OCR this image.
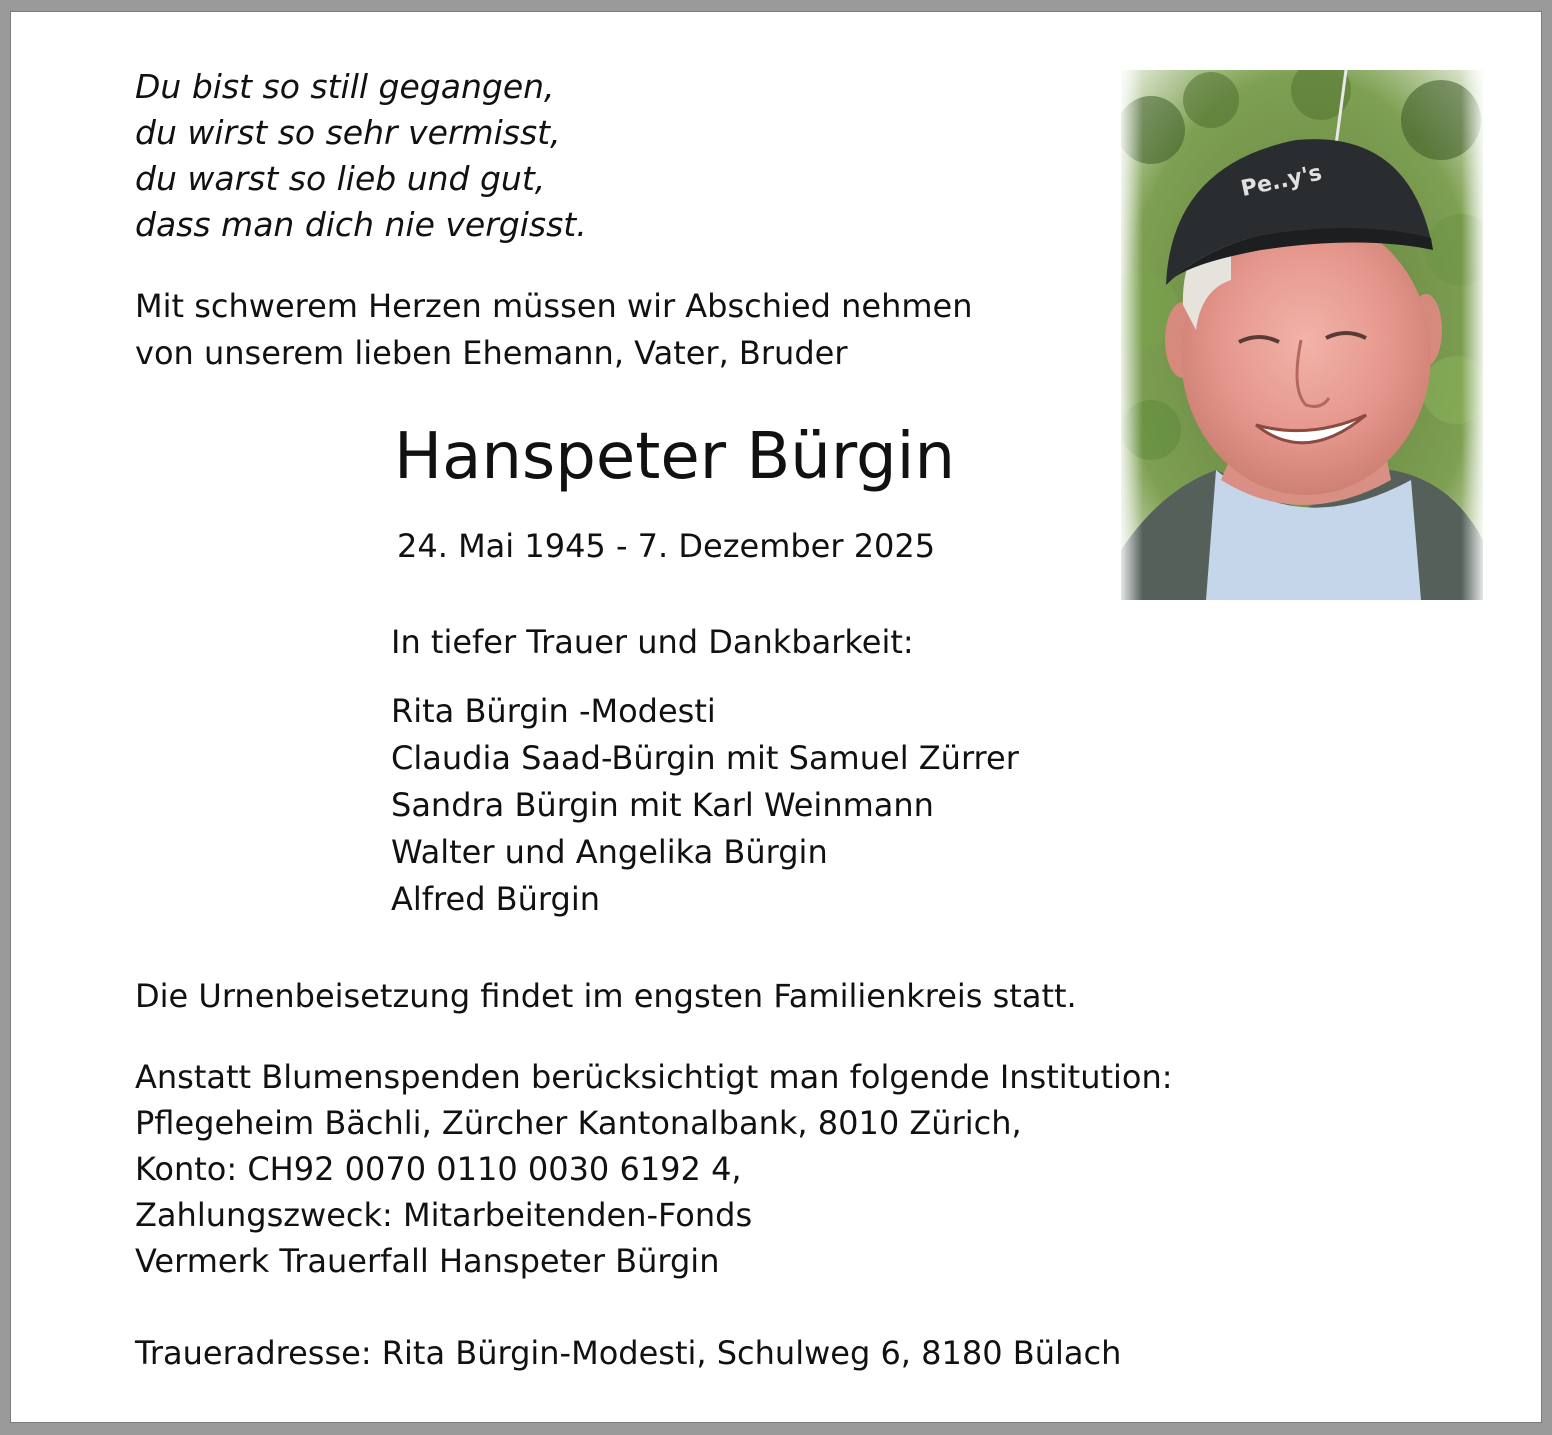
Du bist so still gegangen,
du wirst so sehr vermisst,
du warst so lieb und gut,
dass man dich nie vergisst.
Mit schwerem Herzen müssen wir Abschied nehmen
von unserem lieben Ehemann, Vater, Bruder
Hanspeter Bürgin
24. Mai 1945 - 7. Dezember 2025
In tiefer Trauer und Dankbarkeit:
Rita Bürgin -Modesti
Claudia Saad-Bürgin mit Samuel Zürrer
Sandra Bürgin mit Karl Weinmann
Walter und Angelika Bürgin
Alfred Bürgin
Die Urnenbeisetzung findet im engsten Familienkreis statt.
Anstatt Blumenspenden berücksichtigt man folgende Institution:
Pflegeheim Bächli, Zürcher Kantonalbank, 8010 Zürich,
Konto: CH92 0070 0110 0030 6192 4,
Zahlungszweck: Mitarbeitenden-Fonds
Vermerk Trauerfall Hanspeter Bürgin
Traueradresse: Rita Bürgin-Modesti, Schulweg 6, 8180 Bülach
